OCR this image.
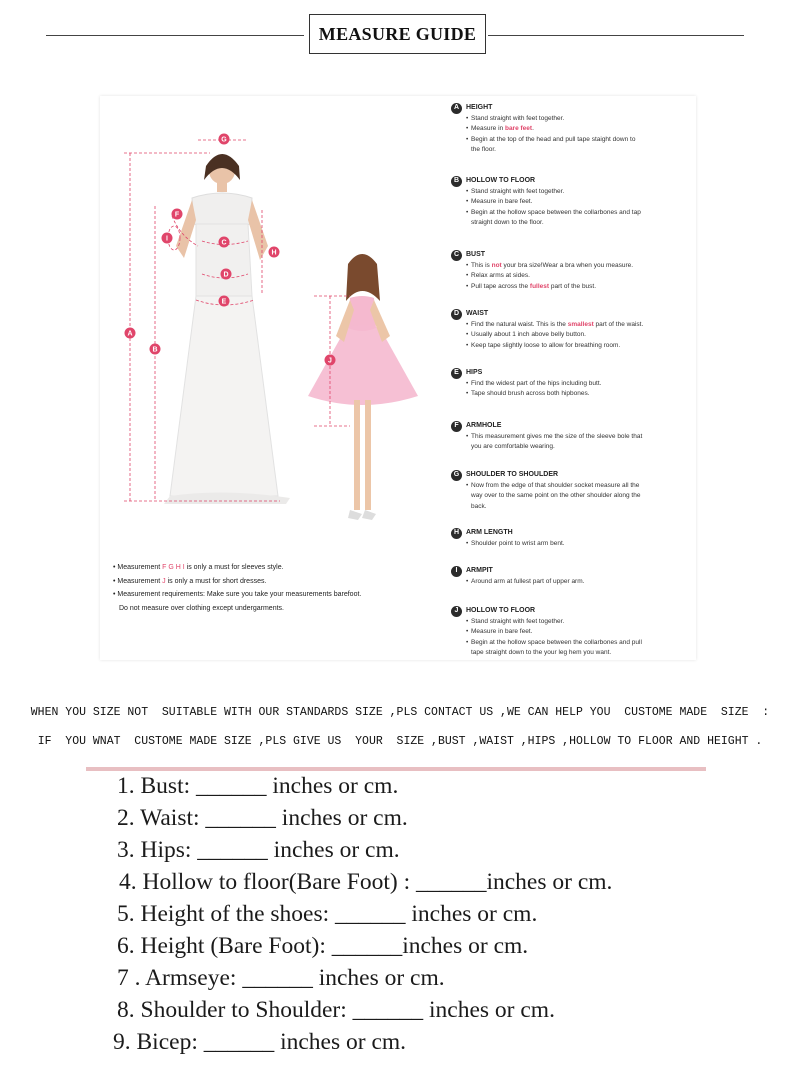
MEASURE GUIDE
G
F
I
C
H
D
E
A
B
J
A HEIGHT
• Stand straight with feet together.
• Measure in bare feet.
• Begin at the top of the head and pull tape staight down to
the floor.
B HOLLOW TO FLOOR
• Stand straight with feet together.
• Measure in bare feet.
• Begin at the hollow space between the collarbones and tap
straight down to the floor.
C BUST
• This is not your bra size!Wear a bra when you measure.
• Relax arms at sides.
• Pull tape across the fullest part of the bust.
D WAIST
• Find the natural waist. This is the smallest part of the waist.
• Usually about 1 inch above belly button.
• Keep tape slightly loose to allow for breathing room.
E	HIPS
• Find the widest part of the hips including butt.
• Tape should brush across both hipbones.
F	ARMHOLE
• This measurement gives me the size of the sleeve bole that
you are comfortable wearing.
G SHOULDER TO SHOULDER
• Now from the edge of that shoulder socket measure all the
way over to the same point on the other shoulder along the
back.
H ARM LENGTH
• Shoulder point to wrist arm bent.
I	ARMPIT
• Around arm at fullest part of upper arm.
J	HOLLOW TO FLOOR
• Stand straight with feet together.
• Measure in bare feet.
• Begin at the hollow space between the collarbones and pull
tape straight down to the your leg hem you want.
• Measurement F G H I is only a must for sleeves style.
• Measurement J is only a must for short dresses.
• Measurement requirements: Make sure you take your measurements barefoot.
Do not measure over clothing except undergarments.
WHEN YOU SIZE NOT  SUITABLE WITH OUR STANDARDS SIZE ,PLS CONTACT US ,WE CAN HELP YOU  CUSTOME MADE  SIZE  :
IF  YOU WNAT  CUSTOME MADE SIZE ,PLS GIVE US  YOUR  SIZE ,BUST ,WAIST ,HIPS ,HOLLOW TO FLOOR AND HEIGHT .
1. Bust: ______ inches or cm.
2. Waist: ______ inches or cm.
3. Hips: ______ inches or cm.
4. Hollow to floor(Bare Foot) : ______inches or cm.
5. Height of the shoes: ______ inches or cm.
6. Height (Bare Foot): ______inches or cm.
7 . Armseye: ______ inches or cm.
8. Shoulder to Shoulder: ______ inches or cm.
9. Bicep: ______ inches or cm.
